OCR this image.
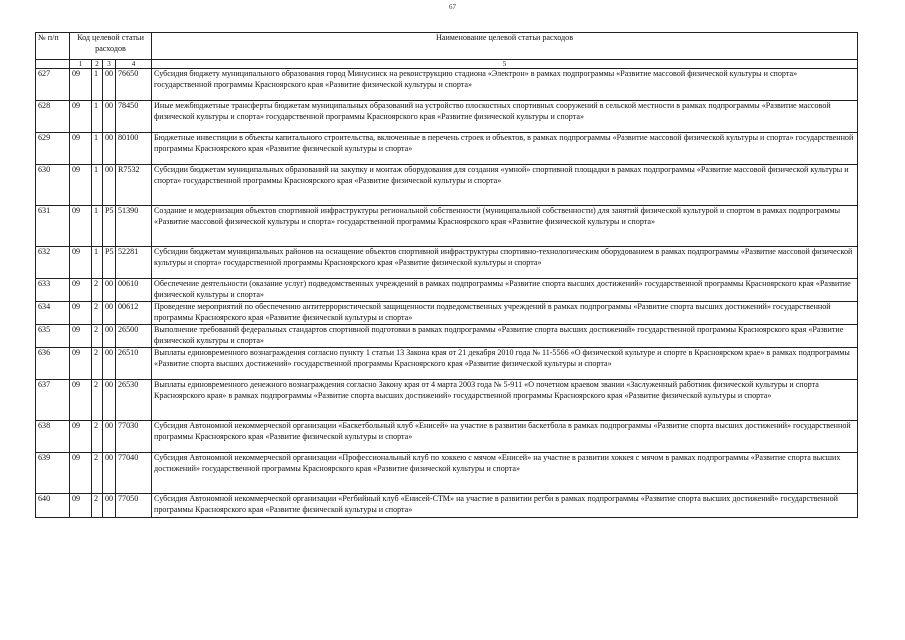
67
№ п/п	Код целевой статьи расходов				Наименование целевой статьи расходов
	1	2	3	4	5
627	09	1	00	76650	Субсидия бюджету муниципального образования город Минусинск на реконструкцию стадиона «Электрон» в рамках подпрограммы «Развитие массовой физической культуры и спорта» государственной программы Красноярского края «Развитие физической культуры и спорта»
628	09	1	00	78450	Иные межбюджетные трансферты бюджетам муниципальных образований на устройство плоскостных спортивных сооружений в сельской местности в рамках подпрограммы «Развитие массовой физической культуры и спорта» государственной программы Красноярского края «Развитие физической культуры и спорта»
629	09	1	00	80100	Бюджетные инвестиции в объекты капитального строительства, включенные в перечень строек и объектов, в рамках подпрограммы «Развитие массовой физической культуры и спорта» государственной программы Красноярского края «Развитие физической культуры и спорта»
630	09	1	00	R7532	Субсидии бюджетам муниципальных образований на закупку и монтаж оборудования для создания «умной» спортивной площадки в рамках подпрограммы «Развитие массовой физической культуры и спорта» государственной программы Красноярского края «Развитие физической культуры и спорта»
631	09	1	P5	51390	Создание и модернизация объектов спортивной инфраструктуры региональной собственности (муниципальной собственности) для занятий физической культурой и спортом в рамках подпрограммы «Развитие массовой физической культуры и спорта» государственной программы Красноярского края «Развитие физической культуры и спорта»
632	09	1	P5	52281	Субсидии бюджетам муниципальных районов на оснащение объектов спортивной инфраструктуры спортивно-технологическим оборудованием в рамках подпрограммы «Развитие массовой физической культуры и спорта» государственной программы Красноярского края «Развитие физической культуры и спорта»
633	09	2	00	00610	Обеспечение деятельности (оказание услуг) подведомственных учреждений в рамках подпрограммы «Развитие спорта высших достижений» государственной программы Красноярского края «Развитие физической культуры и спорта»
634	09	2	00	00612	Проведение мероприятий по обеспечению антитеррористической защищенности подведомственных учреждений в рамках подпрограммы «Развитие спорта высших достижений» государственной программы Красноярского края «Развитие физической культуры и спорта»
635	09	2	00	26500	Выполнение требований федеральных стандартов спортивной подготовки в рамках подпрограммы «Развитие спорта высших достижений» государственной программы Красноярского края «Развитие физической культуры и спорта»
636	09	2	00	26510	Выплаты единовременного вознаграждения согласно пункту 1 статьи 13 Закона края от 21 декабря 2010 года № 11-5566 «О физической культуре и спорте в Красноярском крае» в рамках подпрограммы «Развитие спорта высших достижений» государственной программы Красноярского края «Развитие физической культуры и спорта»
637	09	2	00	26530	Выплаты единовременного денежного вознаграждения согласно Закону края от 4 марта 2003 года № 5-911 «О почетном краевом звании «Заслуженный работник физической культуры и спорта Красноярского края» в рамках подпрограммы «Развитие спорта высших достижений» государственной программы Красноярского края «Развитие физической культуры и спорта»
638	09	2	00	77030	Субсидия Автономной некоммерческой организации «Баскетбольный клуб «Енисей» на участие в развитии баскетбола в рамках подпрограммы «Развитие спорта высших достижений» государственной программы Красноярского края «Развитие физической культуры и спорта»
639	09	2	00	77040	Субсидия Автономной некоммерческой организации «Профессиональный клуб по хоккею с мячом «Енисей» на участие в развитии хоккея с мячом в рамках подпрограммы «Развитие спорта высших достижений» государственной программы Красноярского края «Развитие физической культуры и спорта»
640	09	2	00	77050	Субсидия Автономной некоммерческой организации «Регбийный клуб «Енисей-СТМ» на участие в развитии регби в рамках подпрограммы «Развитие спорта высших достижений» государственной программы Красноярского края «Развитие физической культуры и спорта»
